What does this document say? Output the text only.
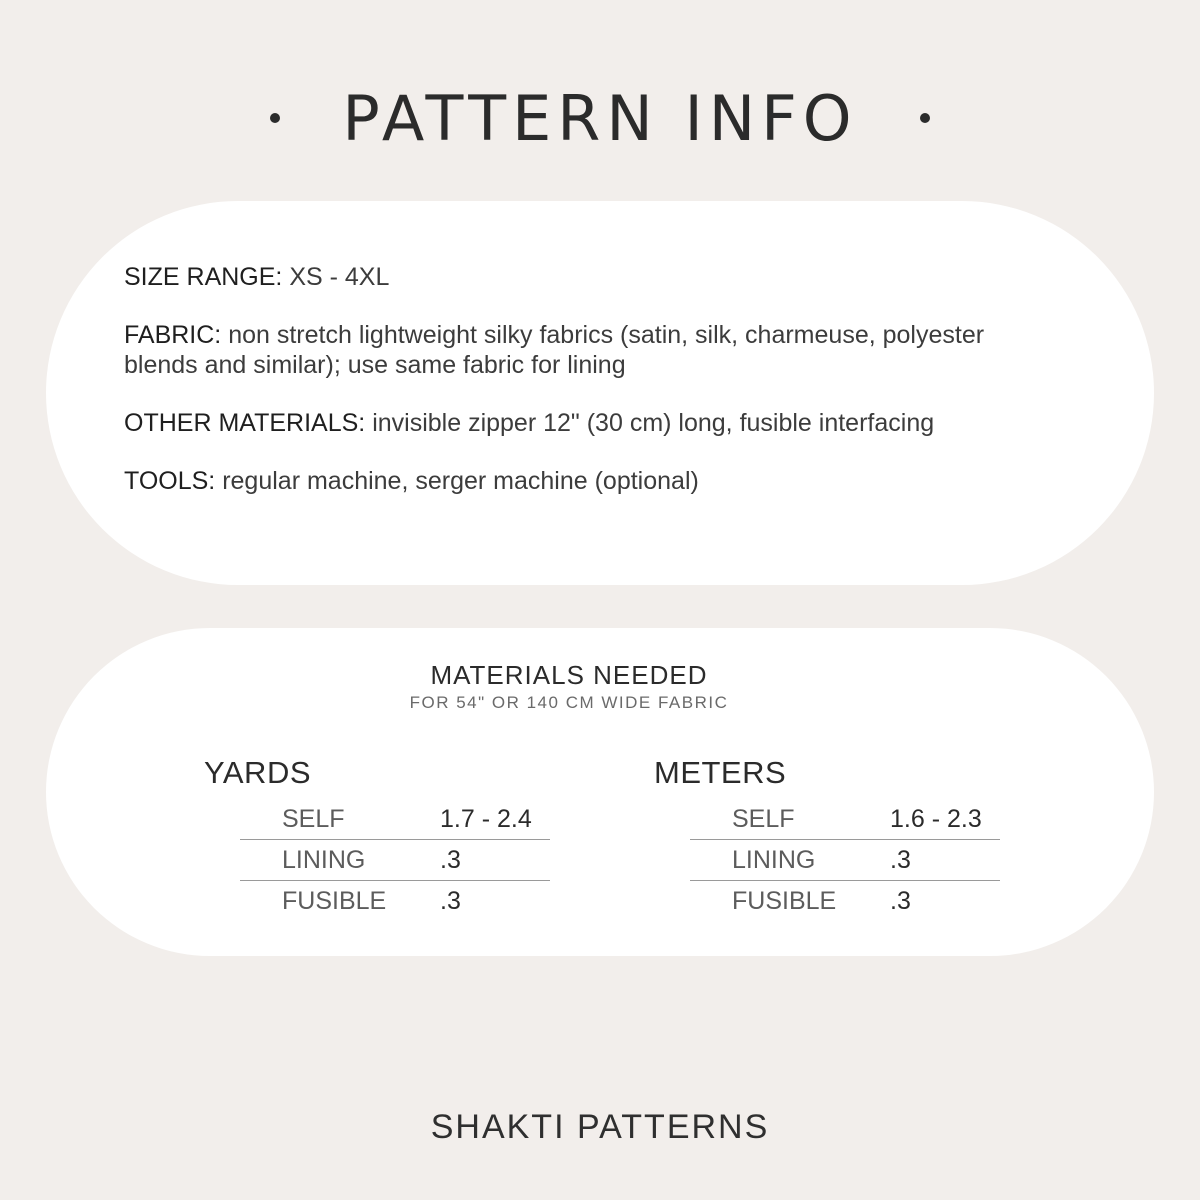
PATTERN INFO

SIZE RANGE: XS - 4XL

FABRIC: non stretch lightweight silky fabrics (satin, silk, charmeuse, polyester blends and similar); use same fabric for lining

OTHER MATERIALS: invisible zipper 12" (30 cm) long, fusible interfacing

TOOLS: regular machine, serger machine (optional)

MATERIALS NEEDED
FOR 54" OR 140 CM WIDE FABRIC
YARDS
SELF	1.7 - 2.4
LINING	.3
FUSIBLE	.3
METERS
SELF	1.6 - 2.3
LINING	.3
FUSIBLE	.3
SHAKTI PATTERNS
